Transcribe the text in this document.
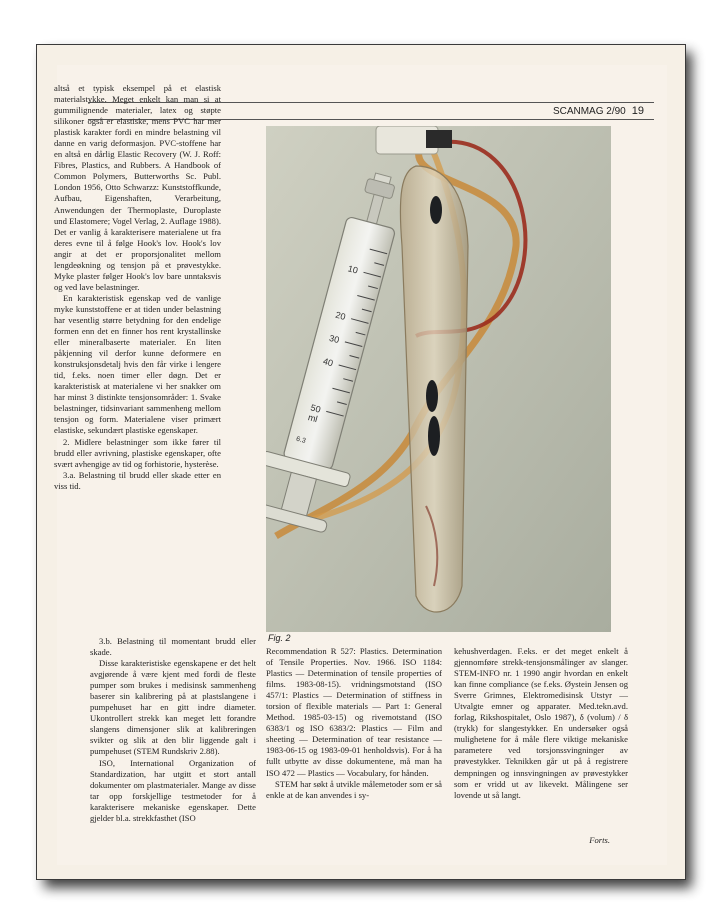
SCANMAG 2/90 19

altså et typisk eksempel på et elastisk materialstykke. Meget enkelt kan man si at gummilignende materialer, latex og støpte silikoner også er elastiske, mens PVC har mer plastisk karakter fordi en mindre belastning vil danne en varig deformasjon. PVC-stoffene har en altså en dårlig Elastic Recovery (W. J. Roff: Fibres, Plastics, and Rubbers. A Handbook of Common Polymers, Butterworths Sc. Publ. London 1956, Otto Schwarzz: Kunststoffkunde, Aufbau, Eigenshaften, Verarbeitung, Anwendungen der Thermoplaste, Duroplaste und Elastomere; Vogel Verlag, 2. Auflage 1988). Det er vanlig å karakterisere materialene ut fra deres evne til å følge Hook's lov. Hook's lov angir at det er proporsjonalitet mellom lengdeøkning og tensjon på et prøvestykke. Myke plaster følger Hook's lov bare unntaksvis og ved lave belastninger.

En karakteristisk egenskap ved de vanlige myke kunststoffene er at tiden under belastning har vesentlig større betydning for den endelige formen enn det en finner hos rent krystallinske eller mineralbaserte materialer. En liten påkjenning vil derfor kunne deformere en konstruksjonsdetalj hvis den får virke i lengere tid, f.eks. noen timer eller døgn. Det er karakteristisk at materialene vi her snakker om har minst 3 distinkte tensjonsområder: 1. Svake belastninger, tidsinvariant sammenheng mellom tensjon og form. Materialene viser primært elastiske, sekundært plastiske egenskaper.

2. Midlere belastninger som ikke fører til brudd eller avrivning, plastiske egenskaper, ofte svært avhengige av tid og forhistorie, hysterèse.

3.a. Belastning til brudd eller skade etter en viss tid.

3.b. Belastning til momentant brudd eller skade.

Disse karakteristiske egenskapene er det helt avgjørende å være kjent med fordi de fleste pumper som brukes i medisinsk sammenheng baserer sin kalibrering på at plastslangene i pumpehuset har en gitt indre diameter. Ukontrollert strekk kan meget lett forandre slangens dimensjoner slik at kalibreringen svikter og slik at den blir liggende galt i pumpehuset (STEM Rundskriv 2.88).

ISO, International Organization of Standardization, har utgitt et stort antall dokumenter om plastmaterialer. Mange av disse tar opp forskjellige testmetoder for å karakterisere mekaniske egenskaper. Dette gjelder bl.a. strekkfasthet (ISO

10
20
30
40
50
ml
6.3
Fig. 2

Recommendation R 527: Plastics. Determination of Tensile Properties. Nov. 1966. ISO 1184: Plastics — Determination of tensile properties of films. 1983-08-15). vridningsmotstand (ISO 457/1: Plastics — Determination of stiffness in torsion of flexible materials — Part 1: General Method. 1985-03-15) og rivemotstand (ISO 6383/1 og ISO 6383/2: Plastics — Film and sheeting — Determination of tear resistance — 1983-06-15 og 1983-09-01 henholdsvis). For å ha fullt utbytte av disse dokumentene, må man ha ISO 472 — Plastics — Vocabulary, for hånden.

STEM har søkt å utvikle målemetoder som er så enkle at de kan anvendes i sy-

kehushverdagen. F.eks. er det meget enkelt å gjennomføre strekk-tensjonsmålinger av slanger. STEM-INFO nr. 1 1990 angir hvordan en enkelt kan finne compliance (se f.eks. Øystein Jensen og Sverre Grimnes, Elektromedisinsk Utstyr — Utvalgte emner og apparater. Med.tekn.avd. forlag, Rikshospitalet, Oslo 1987), δ (volum) / δ (trykk) for slangestykker. En undersøker også mulighetene for å måle flere viktige mekaniske parametere ved torsjonssvingninger av prøvestykker. Teknikken går ut på å registrere dempningen og innsvingningen av prøvestykker som er vridd ut av likevekt. Målingene ser lovende ut så langt.

Forts.
